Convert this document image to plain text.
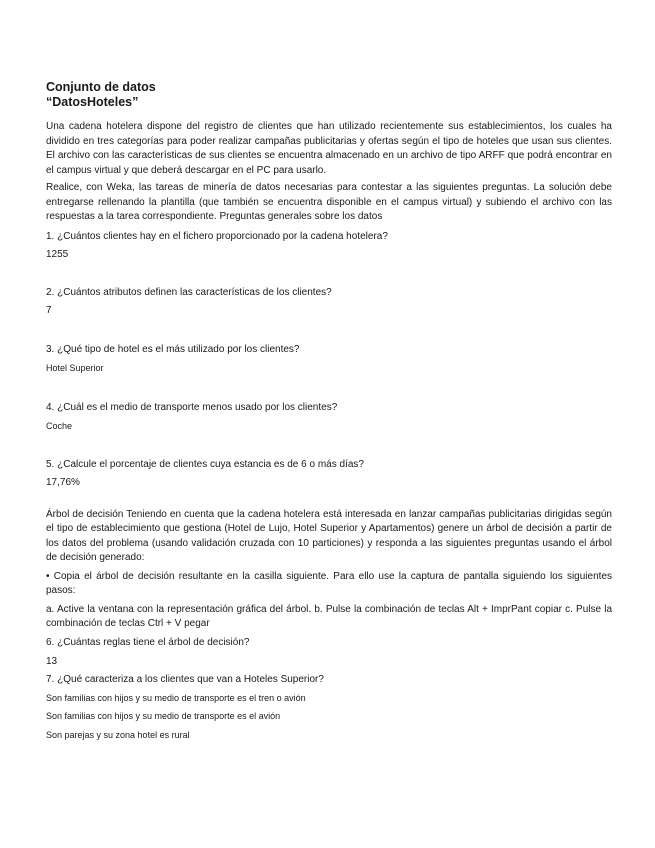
Conjunto de datos
“DatosHoteles”

Una cadena hotelera dispone del registro de clientes que han utilizado recientemente sus establecimientos, los cuales ha dividido en tres categorías para poder realizar campañas publicitarias y ofertas según el tipo de hoteles que usan sus clientes. El archivo con las características de sus clientes se encuentra almacenado en un archivo de tipo ARFF que podrá encontrar en el campus virtual y que deberá descargar en el PC para usarlo.

Realice, con Weka, las tareas de minería de datos necesarias para contestar a las siguientes preguntas. La solución debe entregarse rellenando la plantilla (que también se encuentra disponible en el campus virtual) y subiendo el archivo con las respuestas a la tarea correspondiente. Preguntas generales sobre los datos

1. ¿Cuántos clientes hay en el fichero proporcionado por la cadena hotelera?

1255

2. ¿Cuántos atributos definen las características de los clientes?

7

3. ¿Qué tipo de hotel es el más utilizado por los clientes?

Hotel Superior

4. ¿Cuál es el medio de transporte menos usado por los clientes?

Coche

5. ¿Calcule el porcentaje de clientes cuya estancia es de 6 o más días?

17,76%

Árbol de decisión Teniendo en cuenta que la cadena hotelera está interesada en lanzar campañas publicitarias dirigidas según el tipo de establecimiento que gestiona (Hotel de Lujo, Hotel Superior y Apartamentos) genere un árbol de decisión a partir de los datos del problema (usando validación cruzada con 10 particiones) y responda a las siguientes preguntas usando el árbol de decisión generado:

• Copia el árbol de decisión resultante en la casilla siguiente. Para ello use la captura de pantalla siguiendo los siguientes pasos:

a. Active la ventana con la representación gráfica del árbol. b. Pulse la combinación de teclas Alt + ImprPant copiar c. Pulse la combinación de teclas Ctrl + V pegar

6. ¿Cuántas reglas tiene el árbol de decisión?

13

7. ¿Qué caracteriza a los clientes que van a Hoteles Superior?

Son familias con hijos y su medio de transporte es el tren o avión

Son familias con hijos y su medio de transporte es el avión

Son parejas y su zona hotel es rural
